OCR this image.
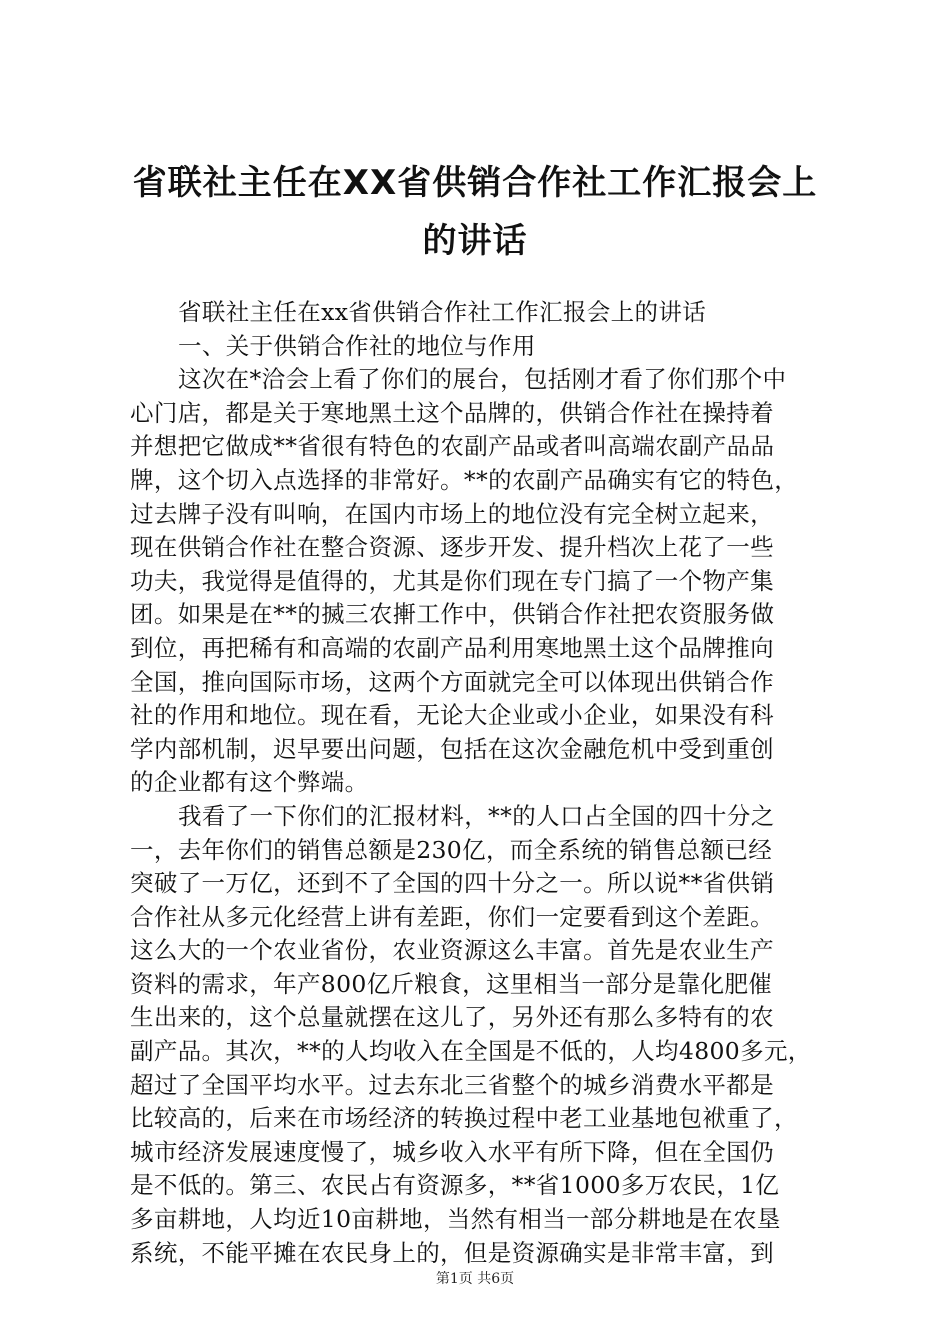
省联社主任在XX省供销合作社工作汇报会上
的讲话
省联社主任在xx省供销合作社工作汇报会上的讲话
一、关于供销合作社的地位与作用
这次在*洽会上看了你们的展台，包括刚才看了你们那个中
心门店，都是关于寒地黑土这个品牌的，供销合作社在操持着
并想把它做成**省很有特色的农副产品或者叫高端农副产品品
牌，这个切入点选择的非常好。**的农副产品确实有它的特色，
过去牌子没有叫响，在国内市场上的地位没有完全树立起来，
现在供销合作社在整合资源、逐步开发、提升档次上花了一些
功夫，我觉得是值得的，尤其是你们现在专门搞了一个物产集
团。如果是在**的搣三农搟工作中，供销合作社把农资服务做
到位，再把稀有和高端的农副产品利用寒地黑土这个品牌推向
全国，推向国际市场，这两个方面就完全可以体现出供销合作
社的作用和地位。现在看，无论大企业或小企业，如果没有科
学内部机制，迟早要出问题，包括在这次金融危机中受到重创
的企业都有这个弊端。
我看了一下你们的汇报材料，**的人口占全国的四十分之
一，去年你们的销售总额是230亿，而全系统的销售总额已经
突破了一万亿，还到不了全国的四十分之一。所以说**省供销
合作社从多元化经营上讲有差距，你们一定要看到这个差距。
这么大的一个农业省份，农业资源这么丰富。首先是农业生产
资料的需求，年产800亿斤粮食，这里相当一部分是靠化肥催
生出来的，这个总量就摆在这儿了，另外还有那么多特有的农
副产品。其次，**的人均收入在全国是不低的，人均4800多元，
超过了全国平均水平。过去东北三省整个的城乡消费水平都是
比较高的，后来在市场经济的转换过程中老工业基地包袱重了，
城市经济发展速度慢了，城乡收入水平有所下降，但在全国仍
是不低的。第三、农民占有资源多，**省1000多万农民，1亿
多亩耕地，人均近10亩耕地，当然有相当一部分耕地是在农垦
系统，不能平摊在农民身上的，但是资源确实是非常丰富，到
第1页 共6页
